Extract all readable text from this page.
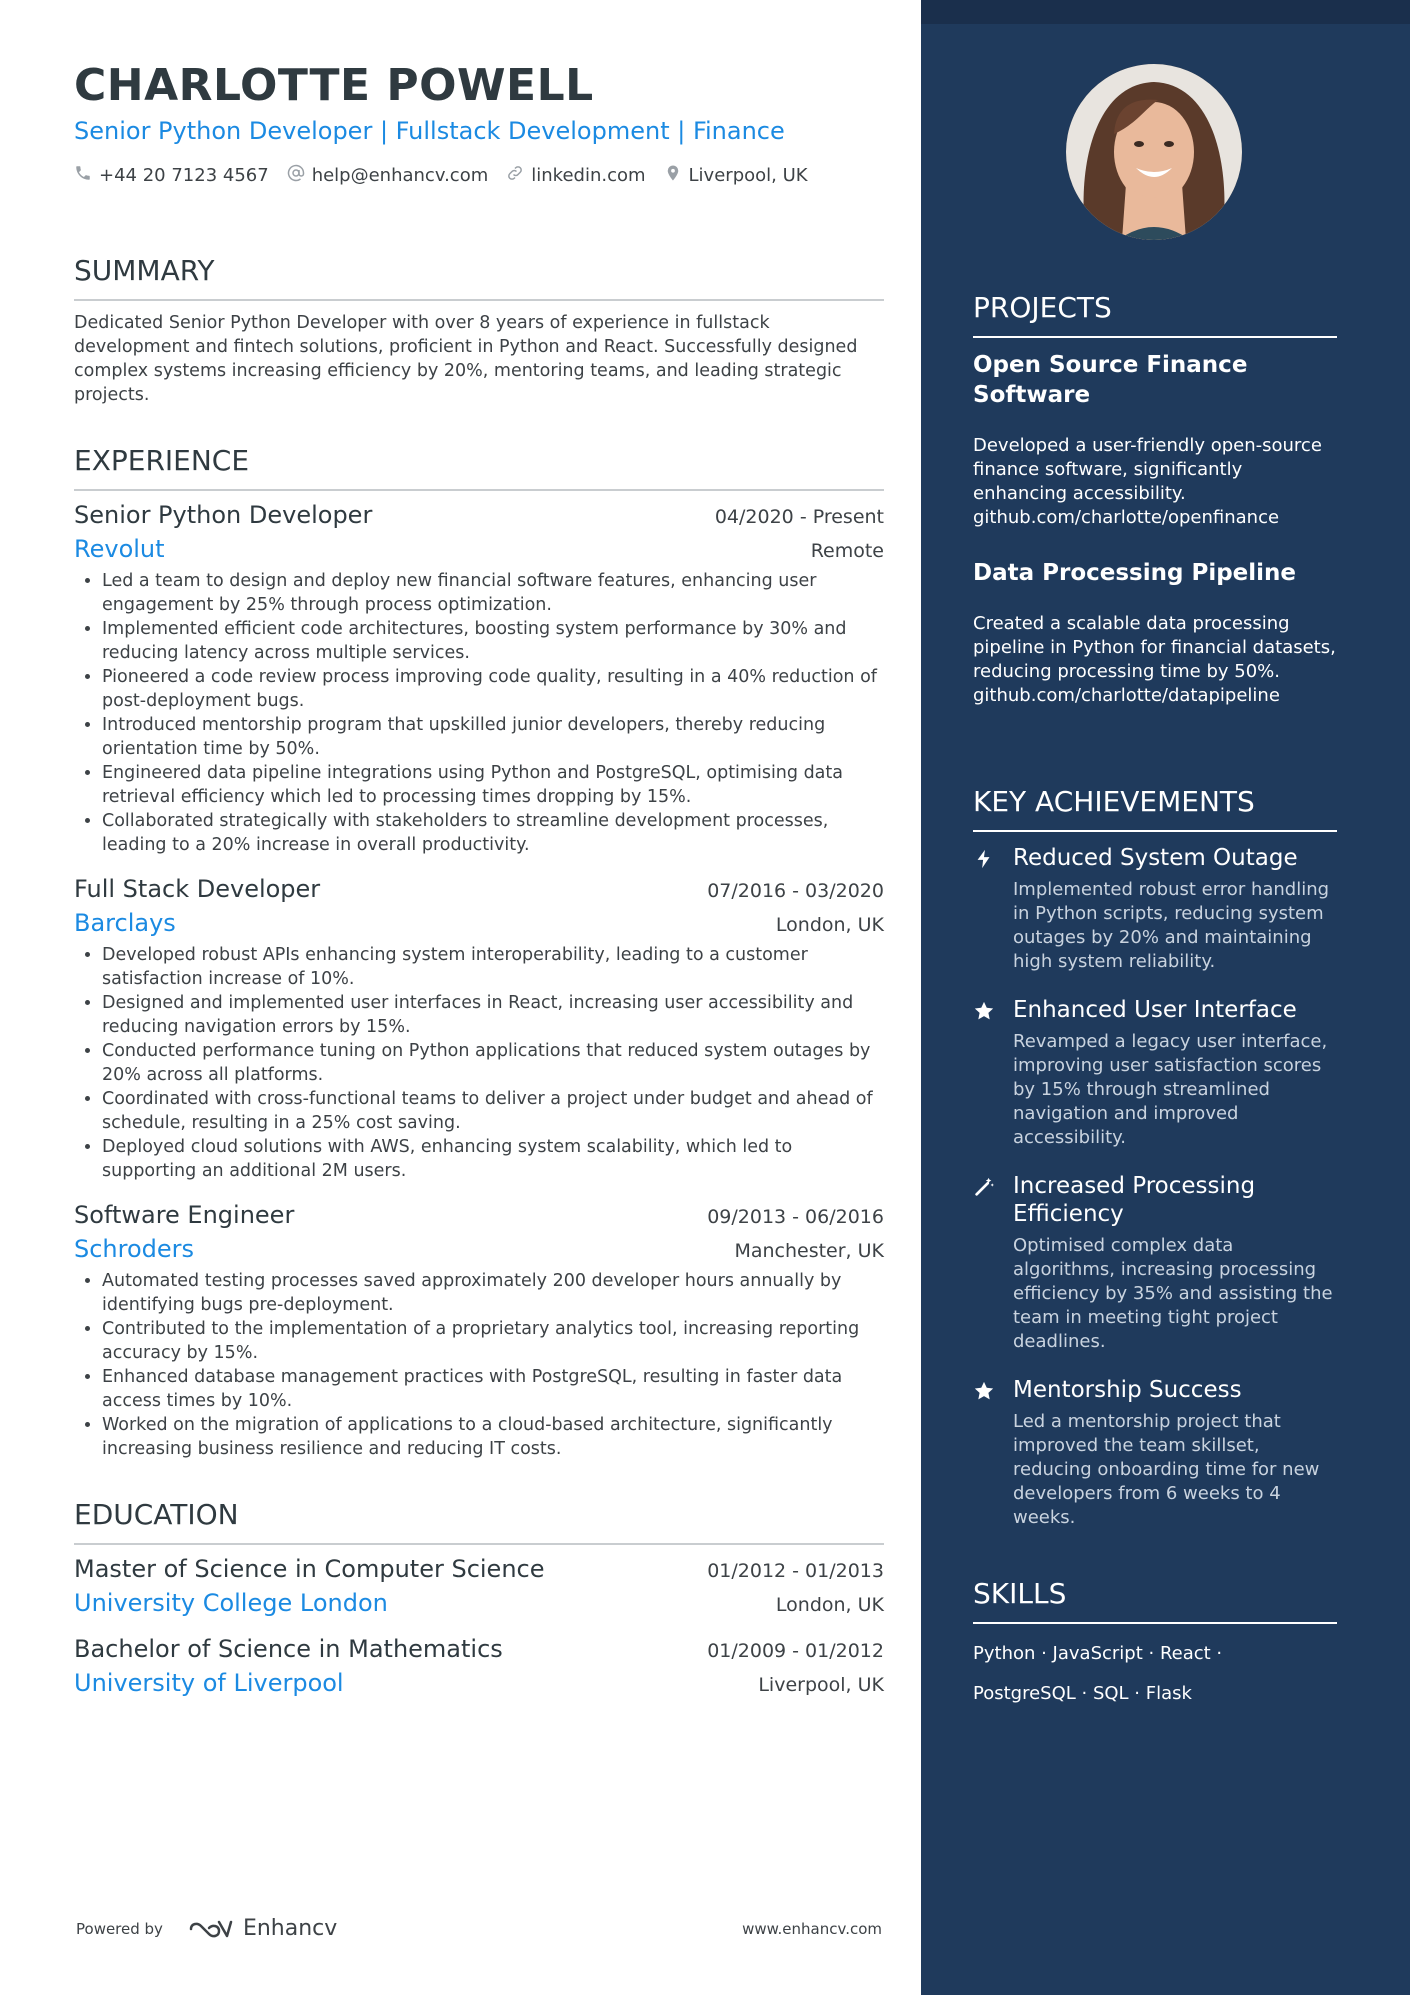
CHARLOTTE POWELL
Senior Python Developer | Fullstack Development | Finance
+44 20 7123 4567 help@enhancv.com linkedin.com Liverpool, UK
SUMMARY
Dedicated Senior Python Developer with over 8 years of experience in fullstack development and fintech solutions, proficient in Python and React. Successfully designed complex systems increasing efficiency by 20%, mentoring teams, and leading strategic projects.
EXPERIENCE
Senior Python Developer	04/2020 - Present
Revolut	Remote
• Led a team to design and deploy new financial software features, enhancing user engagement by 25% through process optimization.
• Implemented efficient code architectures, boosting system performance by 30% and reducing latency across multiple services.
• Pioneered a code review process improving code quality, resulting in a 40% reduction of post-deployment bugs.
• Introduced mentorship program that upskilled junior developers, thereby reducing orientation time by 50%.
• Engineered data pipeline integrations using Python and PostgreSQL, optimising data retrieval efficiency which led to processing times dropping by 15%.
• Collaborated strategically with stakeholders to streamline development processes, leading to a 20% increase in overall productivity.
Full Stack Developer	07/2016 - 03/2020
Barclays	London, UK
• Developed robust APIs enhancing system interoperability, leading to a customer satisfaction increase of 10%.
• Designed and implemented user interfaces in React, increasing user accessibility and reducing navigation errors by 15%.
• Conducted performance tuning on Python applications that reduced system outages by 20% across all platforms.
• Coordinated with cross-functional teams to deliver a project under budget and ahead of schedule, resulting in a 25% cost saving.
• Deployed cloud solutions with AWS, enhancing system scalability, which led to supporting an additional 2M users.
Software Engineer	09/2013 - 06/2016
Schroders	Manchester, UK
• Automated testing processes saved approximately 200 developer hours annually by identifying bugs pre-deployment.
• Contributed to the implementation of a proprietary analytics tool, increasing reporting accuracy by 15%.
• Enhanced database management practices with PostgreSQL, resulting in faster data access times by 10%.
• Worked on the migration of applications to a cloud-based architecture, significantly increasing business resilience and reducing IT costs.
EDUCATION
Master of Science in Computer Science	01/2012 - 01/2013
University College London	London, UK
Bachelor of Science in Mathematics	01/2009 - 01/2012
University of Liverpool	Liverpool, UK
Powered by	Enhancv	www.enhancv.com
PROJECTS
Open Source Finance Software
Developed a user-friendly open-source finance software, significantly enhancing accessibility.
github.com/charlotte/openfinance
Data Processing Pipeline
Created a scalable data processing pipeline in Python for financial datasets, reducing processing time by 50%.
github.com/charlotte/datapipeline
KEY ACHIEVEMENTS
Reduced System Outage
Implemented robust error handling in Python scripts, reducing system outages by 20% and maintaining high system reliability.
Enhanced User Interface
Revamped a legacy user interface, improving user satisfaction scores by 15% through streamlined navigation and improved accessibility.
Increased Processing Efficiency
Optimised complex data algorithms, increasing processing efficiency by 35% and assisting the team in meeting tight project deadlines.
Mentorship Success
Led a mentorship project that improved the team skillset, reducing onboarding time for new developers from 6 weeks to 4 weeks.
SKILLS
Python · JavaScript · React ·
PostgreSQL · SQL · Flask
